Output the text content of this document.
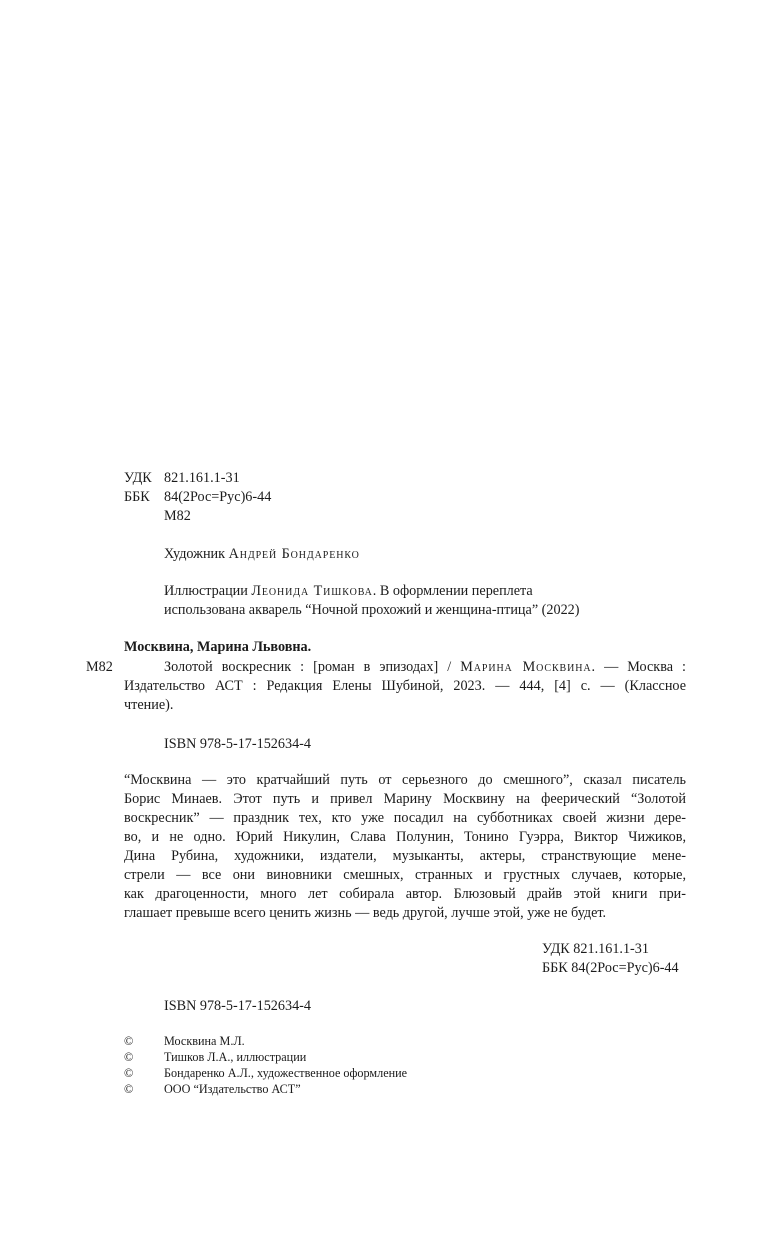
УДК 821.161.1-31
ББК 84(2Рос=Рус)6-44
М82
Художник Андрей Бондаренко
Иллюстрации Леонида Тишкова. В оформлении переплета
использована акварель “Ночной прохожий и женщина-птица” (2022)
Москвина, Марина Львовна.
М82	Золотой воскресник : [роман в эпизодах] / Марина Москвина. — Москва :
Издательство АСТ : Редакция Елены Шубиной, 2023. — 444, [4] с. — (Классное
чтение).
ISBN 978-5-17-152634-4
“Москвина — это кратчайший путь от серьезного до смешного”, сказал писатель
Борис Минаев. Этот путь и привел Марину Москвину на феерический “Золотой
воскресник” — праздник тех, кто уже посадил на субботниках своей жизни дере-
во, и не одно. Юрий Никулин, Слава Полунин, Тонино Гуэрра, Виктор Чижиков,
Дина Рубина, художники, издатели, музыканты, актеры, странствующие мене-
стрели — все они виновники смешных, странных и грустных случаев, которые,
как драгоценности, много лет собирала автор. Блюзовый драйв этой книги при-
глашает превыше всего ценить жизнь — ведь другой, лучше этой, уже не будет.
УДК 821.161.1-31
ББК 84(2Рос=Рус)6-44
ISBN 978-5-17-152634-4
©	Москвина М.Л.
©	Тишков Л.А., иллюстрации
©	Бондаренко А.Л., художественное оформление
©	ООО “Издательство АСТ”
